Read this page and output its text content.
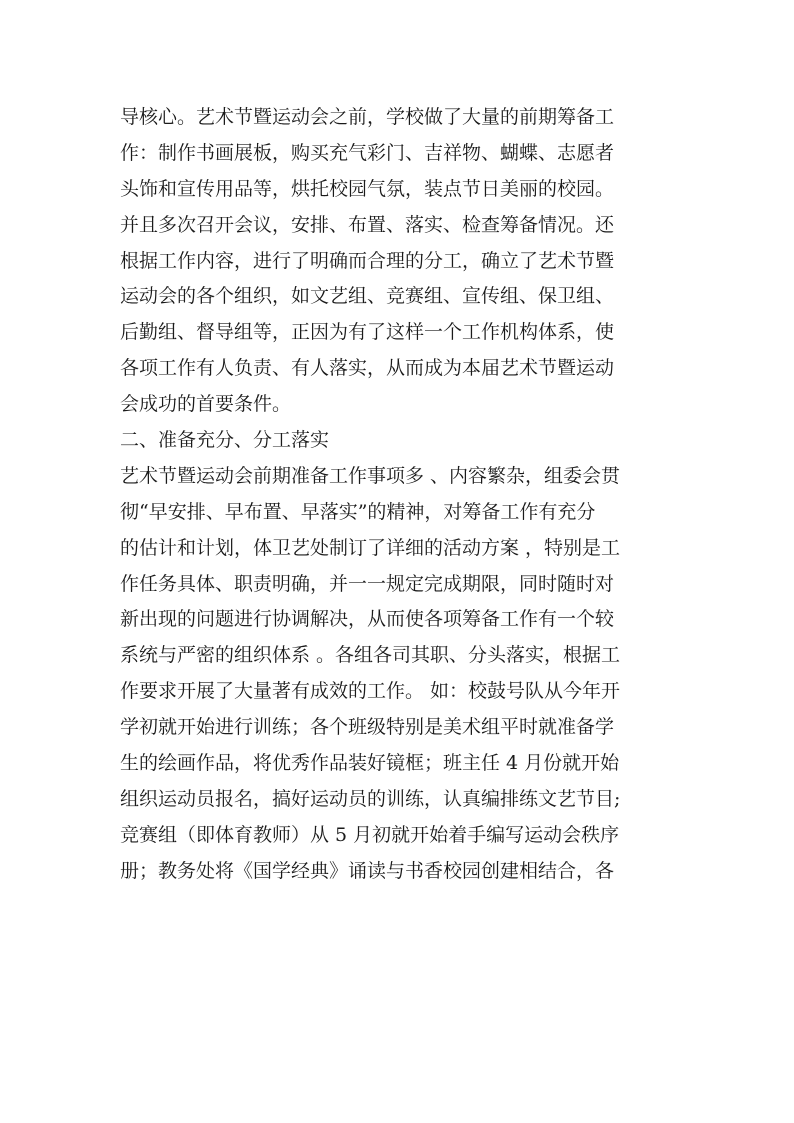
导核心。艺术节暨运动会之前，学校做了大量的前期筹备工
作：制作书画展板，购买充气彩门、吉祥物、蝴蝶、志愿者
头饰和宣传用品等，烘托校园气氛，装点节日美丽的校园。
并且多次召开会议，安排、布置、落实、检查筹备情况。还
根据工作内容，进行了明确而合理的分工，确立了艺术节暨
运动会的各个组织，如文艺组、竞赛组、宣传组、保卫组、
后勤组、督导组等，正因为有了这样一个工作机构体系，使
各项工作有人负责、有人落实，从而成为本届艺术节暨运动
会成功的首要条件。
二、准备充分、分工落实
艺术节暨运动会前期准备工作事项多 、内容繁杂，组委会贯
彻“早安排、早布置、早落实”的精神，对筹备工作有充分
的估计和计划，体卫艺处制订了详细的活动方案 ，特别是工
作任务具体、职责明确，并一一规定完成期限，同时随时对
新出现的问题进行协调解决，从而使各项筹备工作有一个较
系统与严密的组织体系 。各组各司其职、分头落实，根据工
作要求开展了大量著有成效的工作。 如：校鼓号队从今年开
学初就开始进行训练；各个班级特别是美术组平时就准备学
生的绘画作品，将优秀作品装好镜框；班主任 4 月份就开始
组织运动员报名，搞好运动员的训练，认真编排练文艺节目;
竞赛组（即体育教师）从 5 月初就开始着手编写运动会秩序
册；教务处将《国学经典》诵读与书香校园创建相结合，各
